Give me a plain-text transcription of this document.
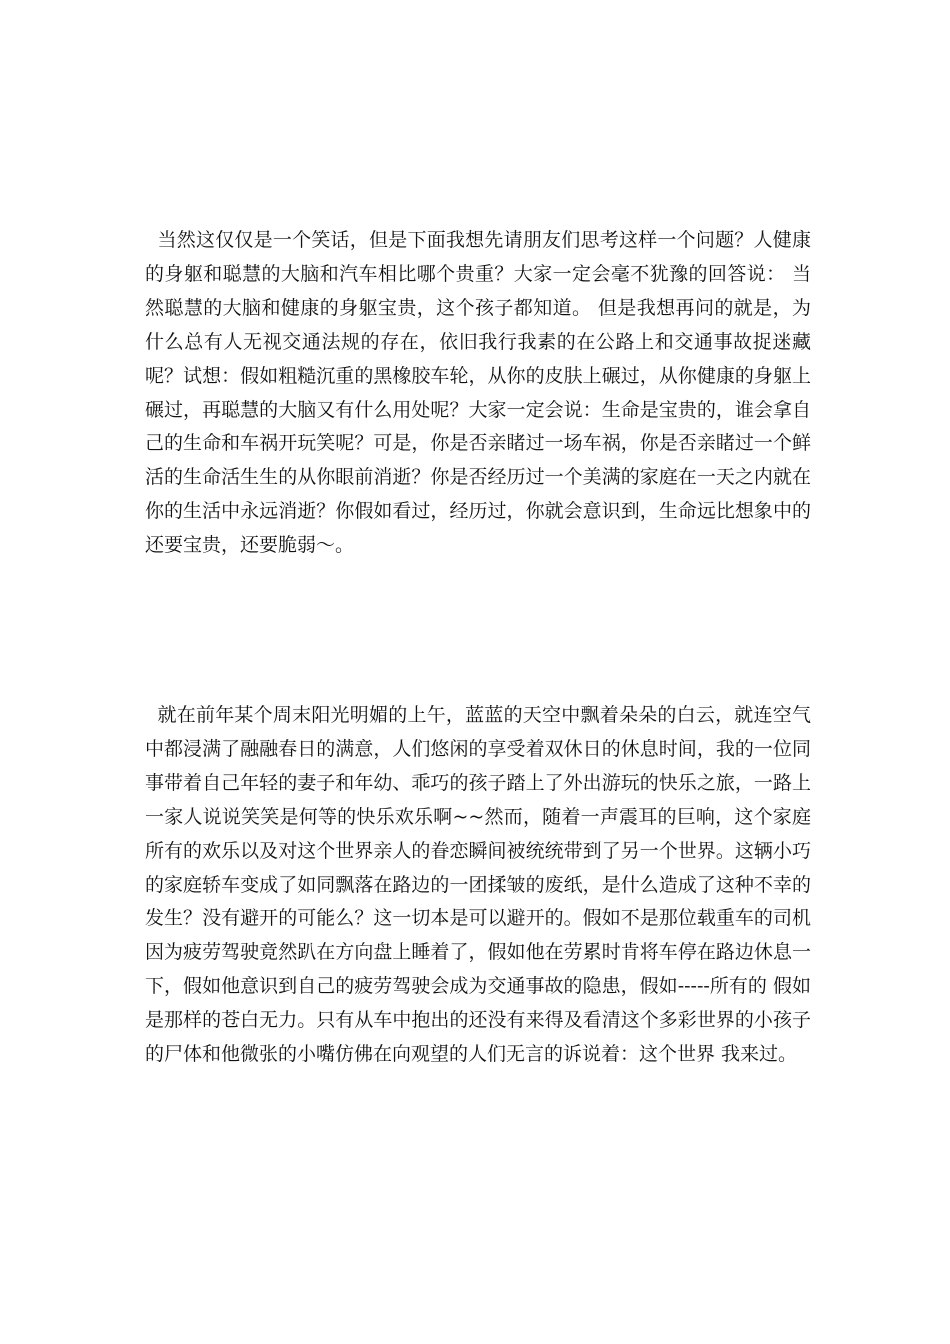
当然这仅仅是一个笑话，但是下面我想先请朋友们思考这样一个问题？人健康的身躯和聪慧的大脑和汽车相比哪个贵重？大家一定会毫不犹豫的回答说： 当然聪慧的大脑和健康的身躯宝贵，这个孩子都知道。 但是我想再问的就是，为什么总有人无视交通法规的存在，依旧我行我素的在公路上和交通事故捉迷藏呢？试想：假如粗糙沉重的黑橡胶车轮，从你的皮肤上碾过，从你健康的身躯上碾过，再聪慧的大脑又有什么用处呢？大家一定会说：生命是宝贵的，谁会拿自己的生命和车祸开玩笑呢？可是，你是否亲睹过一场车祸，你是否亲睹过一个鲜活的生命活生生的从你眼前消逝？你是否经历过一个美满的家庭在一天之内就在你的生活中永远消逝？你假如看过，经历过，你就会意识到，生命远比想象中的还要宝贵，还要脆弱～。

就在前年某个周末阳光明媚的上午，蓝蓝的天空中飘着朵朵的白云，就连空气中都浸满了融融春日的满意，人们悠闲的享受着双休日的休息时间，我的一位同事带着自己年轻的妻子和年幼、乖巧的孩子踏上了外出游玩的快乐之旅，一路上一家人说说笑笑是何等的快乐欢乐啊~~然而，随着一声震耳的巨响，这个家庭所有的欢乐以及对这个世界亲人的眷恋瞬间被统统带到了另一个世界。这辆小巧的家庭轿车变成了如同飘落在路边的一团揉皱的废纸，是什么造成了这种不幸的发生？没有避开的可能么？这一切本是可以避开的。假如不是那位载重车的司机因为疲劳驾驶竟然趴在方向盘上睡着了，假如他在劳累时肯将车停在路边休息一下，假如他意识到自己的疲劳驾驶会成为交通事故的隐患，假如-----所有的 假如 是那样的苍白无力。只有从车中抱出的还没有来得及看清这个多彩世界的小孩子的尸体和他微张的小嘴仿佛在向观望的人们无言的诉说着：这个世界 我来过。
